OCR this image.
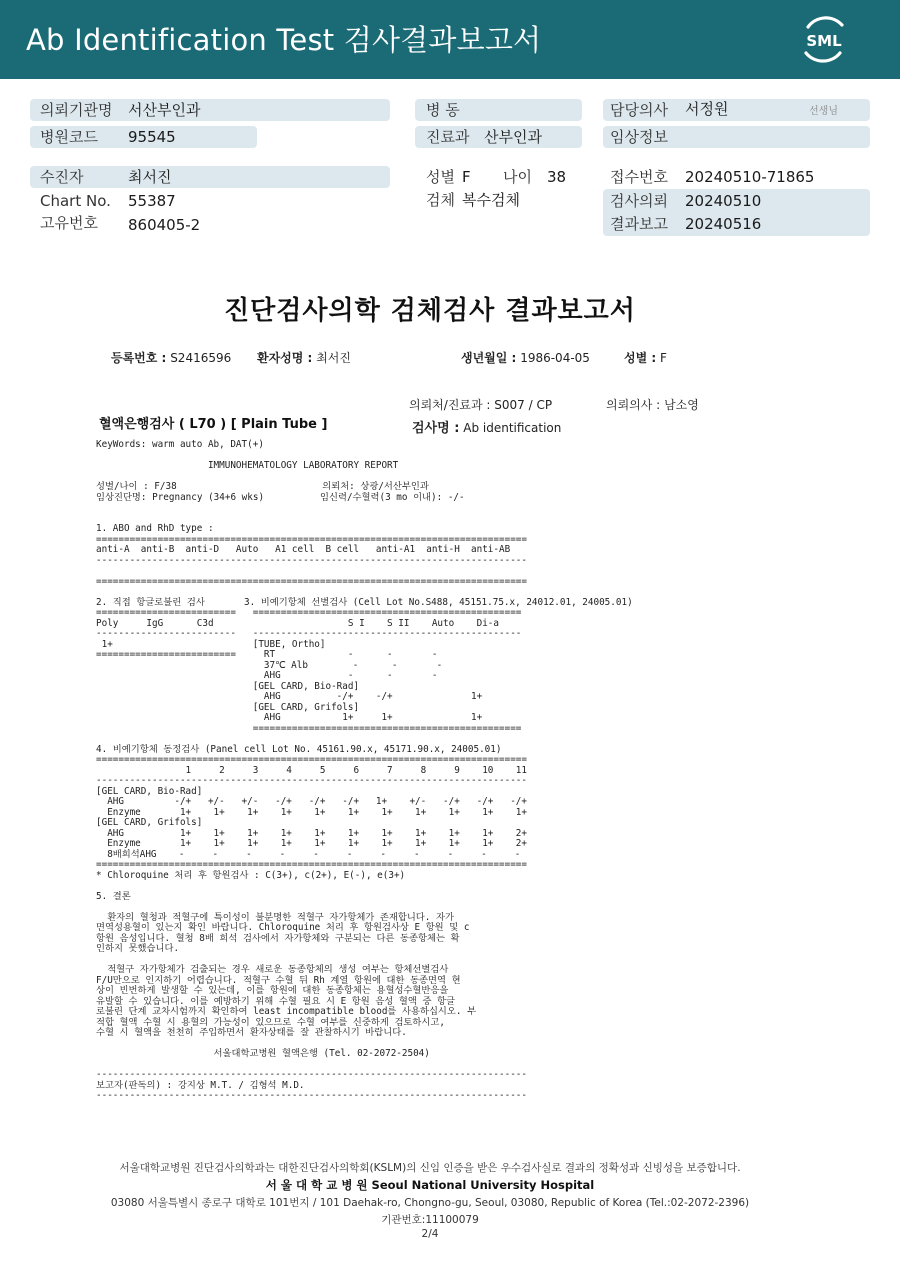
Ab Identification Test 검사결과보고서	SML
의뢰기관명 서산부인과
병원코드 95545
수진자	최서진
Chart No. 55387
고유번호 860405-2
병 동
진료과 산부인과
성별 F 나이 38
검체 복수검체
담당의사 서정원	선생님
임상정보
접수번호 20240510-71865
검사의뢰 20240510
결과보고 20240516
진단검사의학 검체검사 결과보고서
등록번호 : S2416596 환자성명 : 최서진	생년월일 : 1986-04-05	성별 : F
의뢰처/진료과 : S007 / CP	의뢰의사 : 남소영
혈액은행검사 ( L70 ) [ Plain Tube ]	검사명 : Ab identification
KeyWords: warm auto Ab, DAT(+)

IMMUNOHEMATOLOGY LABORATORY REPORT

성별/나이 : F/38                          의뢰처: 상광/서산부인과
임상진단명: Pregnancy (34+6 wks)          임신력/수혈력(3 mo 이내): -/-

1. ABO and RhD type :
=============================================================================
anti-A  anti-B  anti-D   Auto   A1 cell  B cell   anti-A1  anti-H  anti-AB
-----------------------------------------------------------------------------

=============================================================================

2. 직접 항글로불린 검사       3. 비예기항체 선별검사 (Cell Lot No.S488, 45151.75.x, 24012.01, 24005.01)
=========================   ================================================
Poly     IgG      C3d                        S I    S II    Auto    Di-a
-------------------------   ------------------------------------------------
1+                         [TUBE, Ortho]
=========================     RT             -      -       -
37℃ Alb        -      -       -
AHG            -      -       -
[GEL CARD, Bio-Rad]
AHG          -/+    -/+              1+
[GEL CARD, Grifols]
AHG           1+     1+              1+
================================================

4. 비예기항체 동정검사 (Panel cell Lot No. 45161.90.x, 45171.90.x, 24005.01)
=============================================================================
1     2     3     4     5     6     7     8     9    10    11
-----------------------------------------------------------------------------
[GEL CARD, Bio-Rad]
AHG         -/+   +/-   +/-   -/+   -/+   -/+   1+    +/-   -/+   -/+   -/+
Enzyme       1+    1+    1+    1+    1+    1+    1+    1+    1+    1+    1+
[GEL CARD, Grifols]
AHG          1+    1+    1+    1+    1+    1+    1+    1+    1+    1+    2+
Enzyme       1+    1+    1+    1+    1+    1+    1+    1+    1+    1+    2+
8배희석AHG    -     -     -     -     -     -     -     -     -     -     -
=============================================================================
* Chloroquine 처리 후 항원검사 : C(3+), c(2+), E(-), e(3+)

5. 결론

환자의 혈청과 적혈구에 특이성이 불분명한 적혈구 자가항체가 존재합니다. 자가
면역성용혈이 있는지 확인 바랍니다. Chloroquine 처리 후 항원검사상 E 항원 및 c
항원 음성입니다. 혈청 8배 희석 검사에서 자가항체와 구분되는 다른 동종항체는 확
인하지 못했습니다.

적혈구 자가항체가 검출되는 경우 새로운 동종항체의 생성 여부는 항체선별검사
F/U만으로 인지하기 어렵습니다. 적혈구 수혈 뒤 Rh 계열 항원에 대한 동종면역 현
상이 빈번하게 발생할 수 있는데, 이를 항원에 대한 동종항체는 용혈성수혈반응을
유발할 수 있습니다. 이를 예방하기 위해 수혈 필요 시 E 항원 음성 혈액 중 항글
로불린 단계 교차시험까지 확인하여 least incompatible blood를 사용하십시오. 부
적합 혈액 수혈 시 용혈의 가능성이 있으므로 수혈 여부를 신중하게 검토하시고,
수혈 시 혈액을 천천히 주입하면서 환자상태를 잘 관찰하시기 바랍니다.

서울대학교병원 혈액은행 (Tel. 02-2072-2504)

-----------------------------------------------------------------------------
보고자(판독의) : 강지상 M.T. / 김형석 M.D.
-----------------------------------------------------------------------------
서울대학교병원 진단검사의학과는 대한진단검사의학회(KSLM)의 신임 인증을 받은 우수검사실로 결과의 정확성과 신빙성을 보증합니다.
서 울 대 학 교 병 원 Seoul National University Hospital
03080 서울특별시 종로구 대학로 101번지 / 101 Daehak-ro, Chongno-gu, Seoul, 03080, Republic of Korea (Tel.:02-2072-2396)
기관번호:11100079
2/4
